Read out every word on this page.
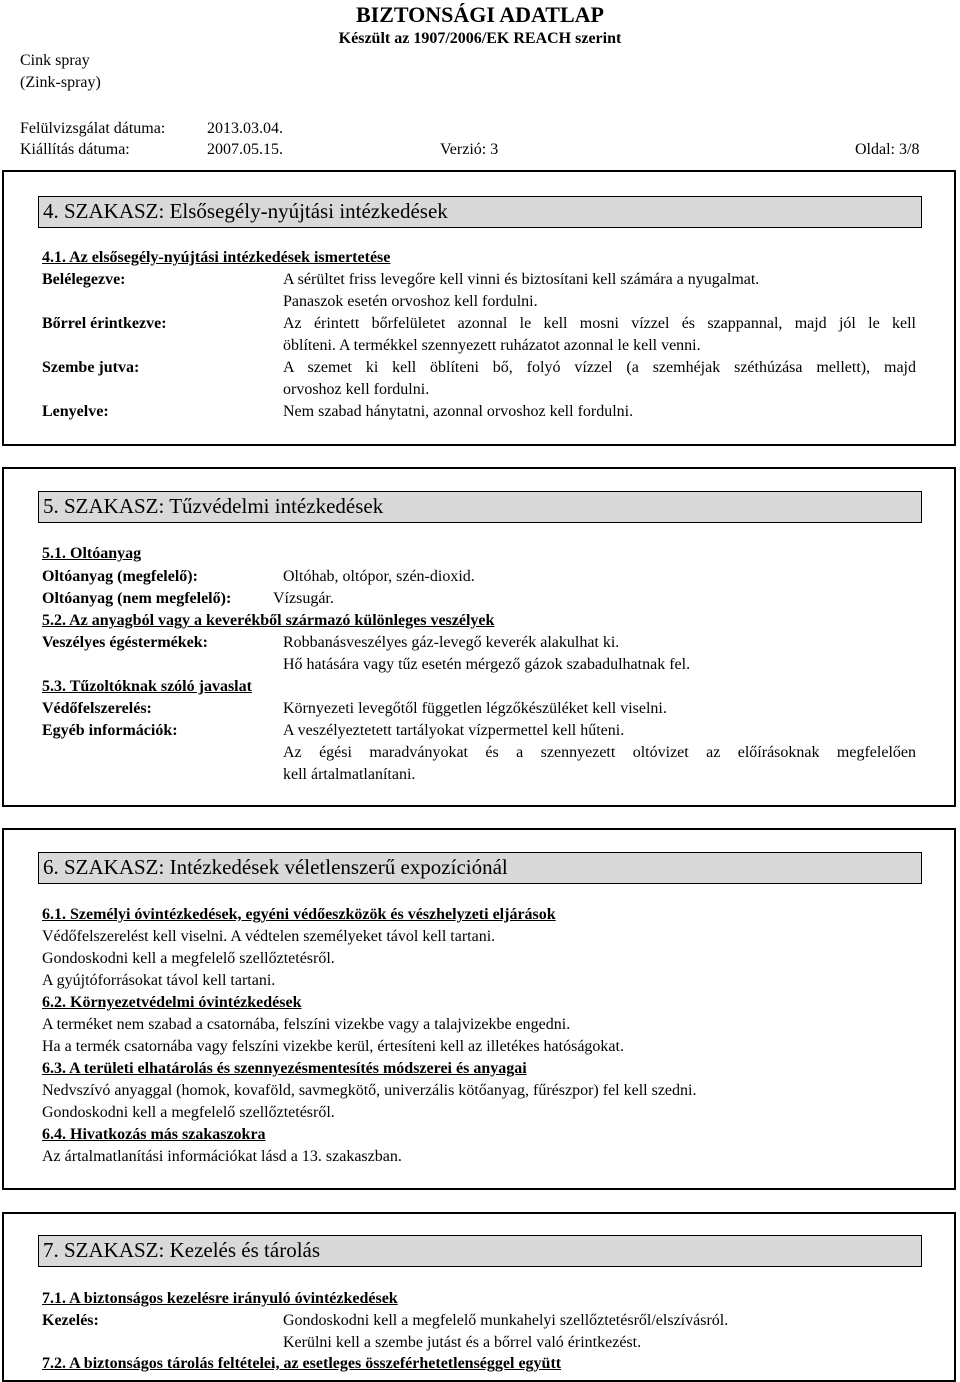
BIZTONSÁGI ADATLAP
Készült az 1907/2006/EK REACH szerint
Cink spray
(Zink-spray)
Felülvizsgálat dátuma:	2013.03.04.
Kiállítás dátuma:	2007.05.15.	Verzió: 3	Oldal: 3/8
4. SZAKASZ: Elsősegély-nyújtási intézkedések
4.1. Az elsősegély-nyújtási intézkedések ismertetése
Belélegezve:	A sérültet friss levegőre kell vinni és biztosítani kell számára a nyugalmat.
Panaszok esetén orvoshoz kell fordulni.
Bőrrel érintkezve:	Az érintett bőrfelületet azonnal le kell mosni vízzel és szappannal, majd jól le kell
öblíteni. A termékkel szennyezett ruházatot azonnal le kell venni.
Szembe jutva:	A szemet ki kell öblíteni bő, folyó vízzel (a szemhéjak széthúzása mellett), majd
orvoshoz kell fordulni.
Lenyelve:	Nem szabad hánytatni, azonnal orvoshoz kell fordulni.
5. SZAKASZ: Tűzvédelmi intézkedések
5.1. Oltóanyag
Oltóanyag (megfelelő):	Oltóhab, oltópor, szén-dioxid.
Oltóanyag (nem megfelelő):	Vízsugár.
5.2. Az anyagból vagy a keverékből származó különleges veszélyek
Veszélyes égéstermékek:	Robbanásveszélyes gáz-levegő keverék alakulhat ki.
Hő hatására vagy tűz esetén mérgező gázok szabadulhatnak fel.
5.3. Tűzoltóknak szóló javaslat
Védőfelszerelés:	Környezeti levegőtől független légzőkészüléket kell viselni.
Egyéb információk:	A veszélyeztetett tartályokat vízpermettel kell hűteni.
Az égési maradványokat és a szennyezett oltóvizet az előírásoknak megfelelően
kell ártalmatlanítani.
6. SZAKASZ: Intézkedések véletlenszerű expozíciónál
6.1. Személyi óvintézkedések, egyéni védőeszközök és vészhelyzeti eljárások
Védőfelszerelést kell viselni. A védtelen személyeket távol kell tartani.
Gondoskodni kell a megfelelő szellőztetésről.
A gyújtóforrásokat távol kell tartani.
6.2. Környezetvédelmi óvintézkedések
A terméket nem szabad a csatornába, felszíni vizekbe vagy a talajvizekbe engedni.
Ha a termék csatornába vagy felszíni vizekbe kerül, értesíteni kell az illetékes hatóságokat.
6.3. A területi elhatárolás és szennyezésmentesítés módszerei és anyagai
Nedvszívó anyaggal (homok, kovaföld, savmegkötő, univerzális kötőanyag, fűrészpor) fel kell szedni.
Gondoskodni kell a megfelelő szellőztetésről.
6.4. Hivatkozás más szakaszokra
Az ártalmatlanítási információkat lásd a 13. szakaszban.
7. SZAKASZ: Kezelés és tárolás
7.1. A biztonságos kezelésre irányuló óvintézkedések
Kezelés:	Gondoskodni kell a megfelelő munkahelyi szellőztetésről/elszívásról.
Kerülni kell a szembe jutást és a bőrrel való érintkezést.
7.2. A biztonságos tárolás feltételei, az esetleges összeférhetetlenséggel együtt
